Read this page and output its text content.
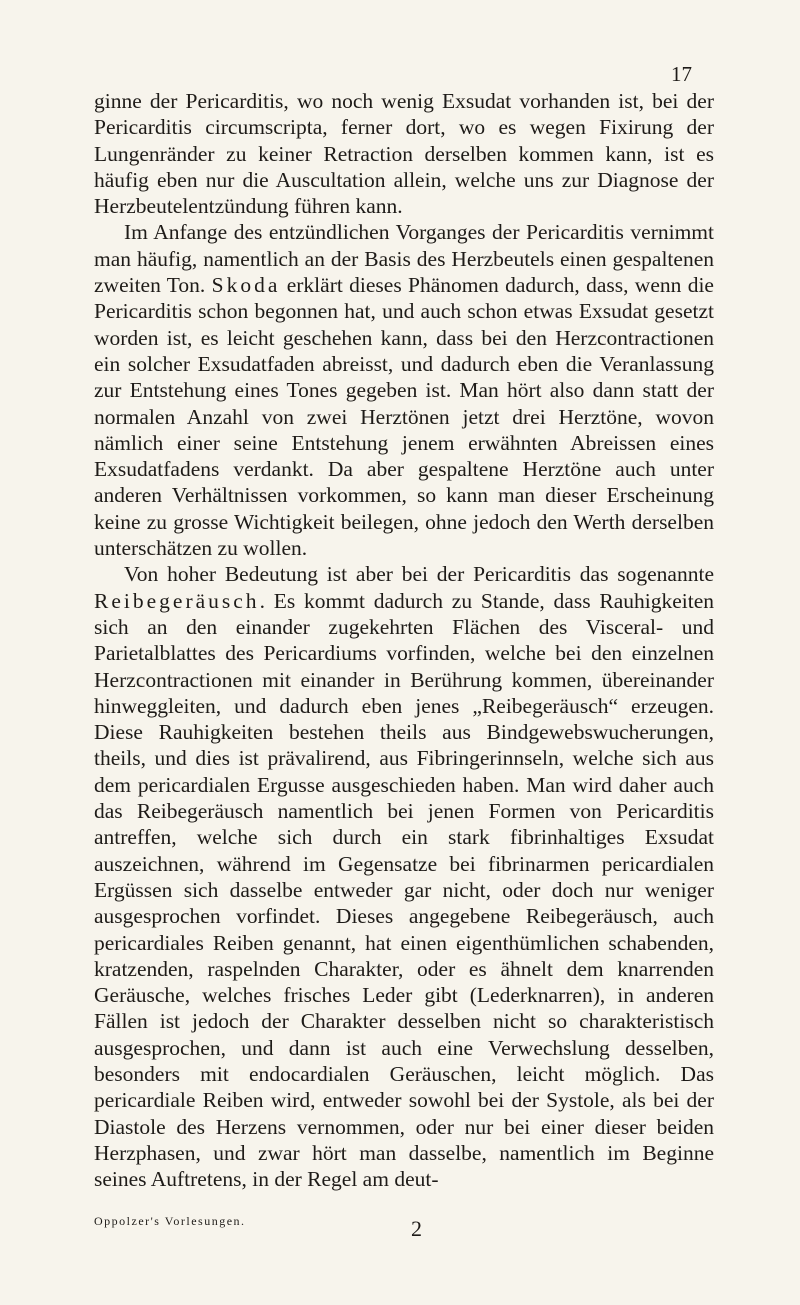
17

ginne der Pericarditis, wo noch wenig Exsudat vorhanden ist, bei der Pericarditis circumscripta, ferner dort, wo es wegen Fixirung der Lungenränder zu keiner Retraction derselben kommen kann, ist es häufig eben nur die Auscultation allein, welche uns zur Diagnose der Herzbeutelentzündung führen kann.

Im Anfange des entzündlichen Vorganges der Pericarditis vernimmt man häufig, namentlich an der Basis des Herzbeutels einen gespaltenen zweiten Ton. Skoda erklärt dieses Phänomen dadurch, dass, wenn die Pericarditis schon begonnen hat, und auch schon etwas Exsudat gesetzt worden ist, es leicht geschehen kann, dass bei den Herzcontractionen ein solcher Exsudatfaden abreisst, und dadurch eben die Veranlassung zur Entstehung eines Tones gegeben ist. Man hört also dann statt der normalen Anzahl von zwei Herztönen jetzt drei Herztöne, wovon nämlich einer seine Entstehung jenem erwähnten Abreissen eines Exsudatfadens verdankt. Da aber gespaltene Herztöne auch unter anderen Verhältnissen vorkommen, so kann man dieser Erscheinung keine zu grosse Wichtigkeit beilegen, ohne jedoch den Werth derselben unterschätzen zu wollen.

Von hoher Bedeutung ist aber bei der Pericarditis das sogenannte Reibegeräusch. Es kommt dadurch zu Stande, dass Rauhigkeiten sich an den einander zugekehrten Flächen des Visceral- und Parietalblattes des Pericardiums vorfinden, welche bei den einzelnen Herzcontractionen mit einander in Berührung kommen, übereinander hinweggleiten, und dadurch eben jenes „Reibegeräusch“ erzeugen. Diese Rauhigkeiten bestehen theils aus Bindgewebswucherungen, theils, und dies ist prävalirend, aus Fibringerinnseln, welche sich aus dem pericardialen Ergusse ausgeschieden haben. Man wird daher auch das Reibegeräusch namentlich bei jenen Formen von Pericarditis antreffen, welche sich durch ein stark fibrinhaltiges Exsudat auszeichnen, während im Gegensatze bei fibrinarmen pericardialen Ergüssen sich dasselbe entweder gar nicht, oder doch nur weniger ausgesprochen vorfindet. Dieses angegebene Reibegeräusch, auch pericardiales Reiben genannt, hat einen eigenthümlichen schabenden, kratzenden, raspelnden Charakter, oder es ähnelt dem knarrenden Geräusche, welches frisches Leder gibt (Lederknarren), in anderen Fällen ist jedoch der Charakter desselben nicht so charakteristisch ausgesprochen, und dann ist auch eine Verwechslung desselben, besonders mit endocardialen Geräuschen, leicht möglich. Das pericardiale Reiben wird, entweder sowohl bei der Systole, als bei der Diastole des Herzens vernommen, oder nur bei einer dieser beiden Herzphasen, und zwar hört man dasselbe, namentlich im Beginne seines Auftretens, in der Regel am deut-

Oppolzer's Vorlesungen.	2
